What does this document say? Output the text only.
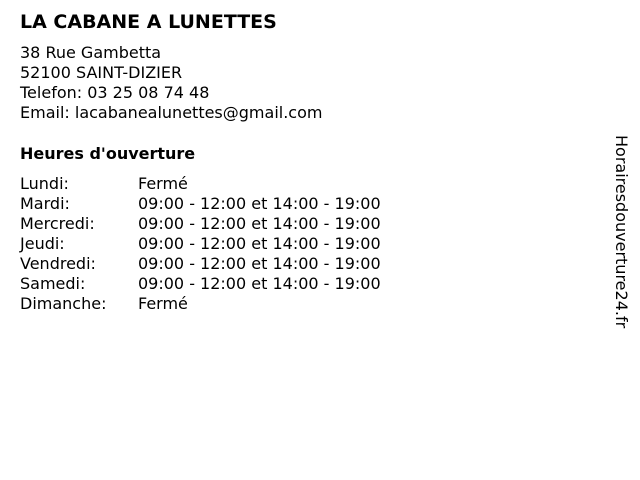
LA CABANE A LUNETTES
38 Rue Gambetta
52100 SAINT-DIZIER
Telefon: 03 25 08 74 48
Email: lacabanealunettes@gmail.com
Heures d'ouverture
Lundi:	Fermé
Mardi:	09:00 - 12:00 et 14:00 - 19:00
Mercredi:	09:00 - 12:00 et 14:00 - 19:00
Jeudi:	09:00 - 12:00 et 14:00 - 19:00
Vendredi:	09:00 - 12:00 et 14:00 - 19:00
Samedi:	09:00 - 12:00 et 14:00 - 19:00
Dimanche:	Fermé	Horairesdouverture24.fr
